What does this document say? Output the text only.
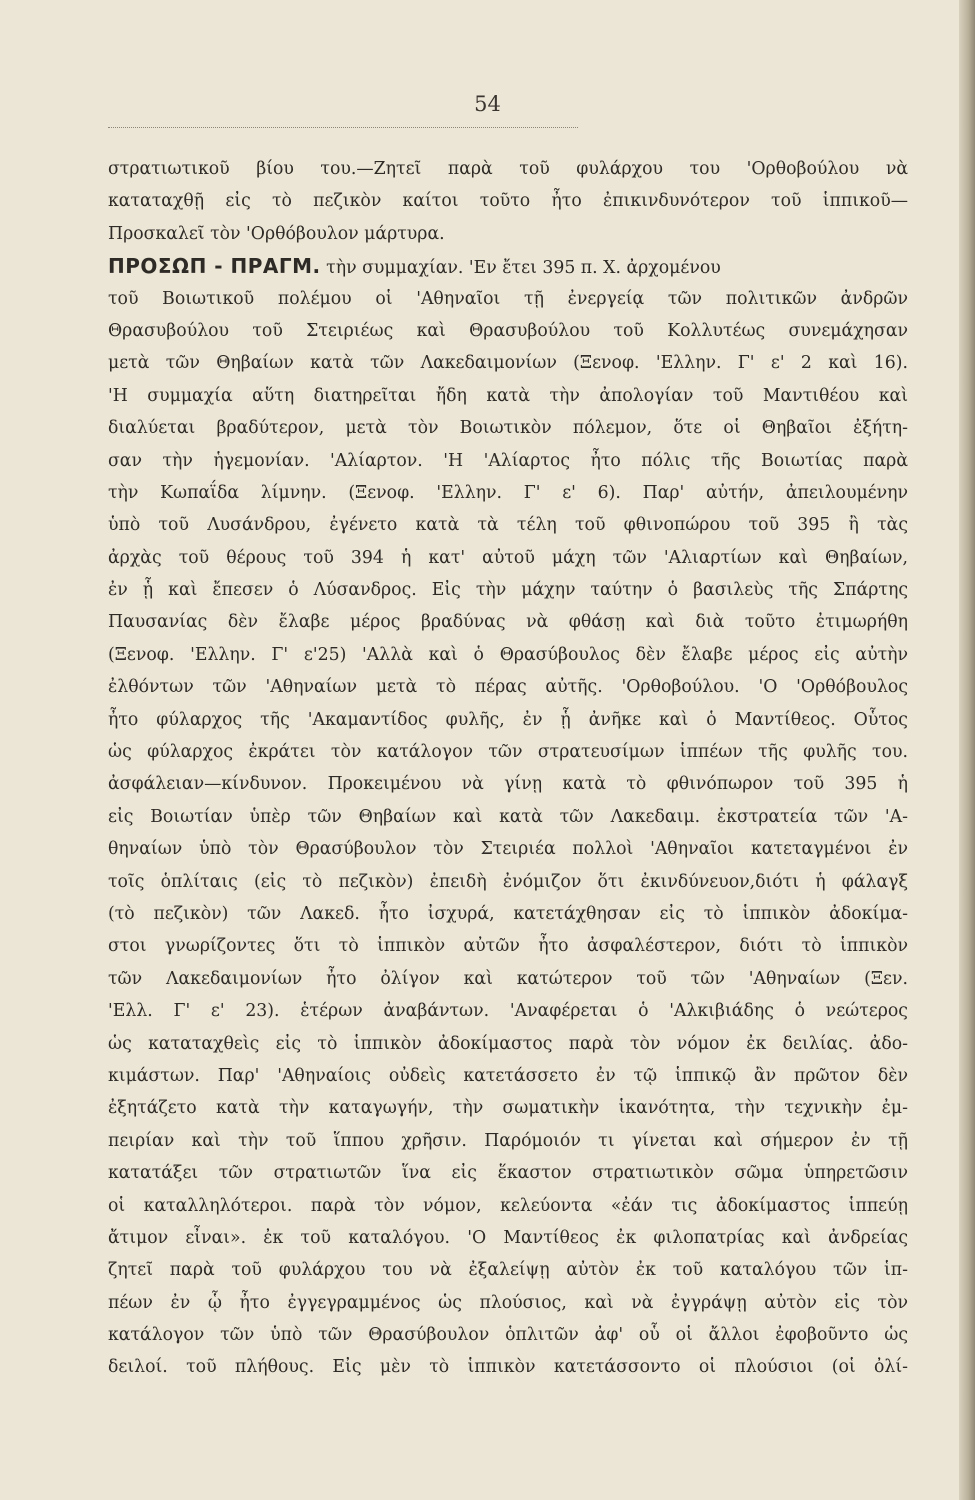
54
στρατιωτικοῦ βίου του.—Ζητεῖ παρὰ τοῦ φυλάρχου του 'Ορθοβούλου νὰ
καταταχθῇ εἰς τὸ πεζικὸν καίτοι τοῦτο ἦτο ἐπικινδυνότερον τοῦ ἱππικοῦ—
Προσκαλεῖ τὸν 'Ορθόβουλον μάρτυρα.
ΠΡΟΣΩΠ - ΠΡΑΓΜ. τὴν συμμαχίαν. 'Εν ἔτει 395 π. Χ. ἀρχομένου
τοῦ Βοιωτικοῦ πολέμου οἱ 'Αθηναῖοι τῇ ἐνεργείᾳ τῶν πολιτικῶν ἀνδρῶν
Θρασυβούλου τοῦ Στειριέως καὶ Θρασυβούλου τοῦ Κολλυτέως συνεμάχησαν
μετὰ τῶν Θηβαίων κατὰ τῶν Λακεδαιμονίων (Ξενοφ. 'Ελλην. Γ' ε' 2 καὶ 16).
'Η συμμαχία αὕτη διατηρεῖται ἤδη κατὰ τὴν ἀπολογίαν τοῦ Μαντιθέου καὶ
διαλύεται βραδύτερον, μετὰ τὸν Βοιωτικὸν πόλεμον, ὅτε οἱ Θηβαῖοι ἐξήτη-
σαν τὴν ἡγεμονίαν. 'Αλίαρτον. 'Η 'Αλίαρτος ἦτο πόλις τῆς Βοιωτίας παρὰ
τὴν Κωπαΐδα λίμνην. (Ξενοφ. 'Ελλην. Γ' ε' 6). Παρ' αὐτήν, ἀπειλουμένην
ὑπὸ τοῦ Λυσάνδρου, ἐγένετο κατὰ τὰ τέλη τοῦ φθινοπώρου τοῦ 395 ἢ τὰς
ἀρχὰς τοῦ θέρους τοῦ 394 ἡ κατ' αὐτοῦ μάχη τῶν 'Αλιαρτίων καὶ Θηβαίων,
ἐν ᾗ καὶ ἔπεσεν ὁ Λύσανδρος. Εἰς τὴν μάχην ταύτην ὁ βασιλεὺς τῆς Σπάρτης
Παυσανίας δὲν ἔλαβε μέρος βραδύνας νὰ φθάσῃ καὶ διὰ τοῦτο ἐτιμωρήθη
(Ξενοφ. 'Ελλην. Γ' ε'25) 'Αλλὰ καὶ ὁ Θρασύβουλος δὲν ἔλαβε μέρος εἰς αὐτὴν
ἐλθόντων τῶν 'Αθηναίων μετὰ τὸ πέρας αὐτῆς. 'Ορθοβούλου. 'Ο 'Ορθόβουλος
ἦτο φύλαρχος τῆς 'Ακαμαντίδος φυλῆς, ἐν ᾗ ἀνῆκε καὶ ὁ Μαντίθεος. Οὗτος
ὡς φύλαρχος ἐκράτει τὸν κατάλογον τῶν στρατευσίμων ἱππέων τῆς φυλῆς του.
ἀσφάλειαν—κίνδυνον. Προκειμένου νὰ γίνῃ κατὰ τὸ φθινόπωρον τοῦ 395 ἡ
εἰς Βοιωτίαν ὑπὲρ τῶν Θηβαίων καὶ κατὰ τῶν Λακεδαιμ. ἐκστρατεία τῶν 'Α-
θηναίων ὑπὸ τὸν Θρασύβουλον τὸν Στειριέα πολλοὶ 'Αθηναῖοι κατεταγμένοι ἐν
τοῖς ὁπλίταις (εἰς τὸ πεζικὸν) ἐπειδὴ ἐνόμιζον ὅτι ἐκινδύνευον,διότι ἡ φάλαγξ
(τὸ πεζικὸν) τῶν Λακεδ. ἦτο ἰσχυρά, κατετάχθησαν εἰς τὸ ἱππικὸν ἀδοκίμα-
στοι γνωρίζοντες ὅτι τὸ ἱππικὸν αὐτῶν ἦτο ἀσφαλέστερον, διότι τὸ ἱππικὸν
τῶν Λακεδαιμονίων ἦτο ὀλίγον καὶ κατώτερον τοῦ τῶν 'Αθηναίων (Ξεν.
'Ελλ. Γ' ε' 23). ἑτέρων ἀναβάντων. 'Αναφέρεται ὁ 'Αλκιβιάδης ὁ νεώτερος
ὡς καταταχθεὶς εἰς τὸ ἱππικὸν ἀδοκίμαστος παρὰ τὸν νόμον ἐκ δειλίας. ἀδο-
κιμάστων. Παρ' 'Αθηναίοις οὐδεὶς κατετάσσετο ἐν τῷ ἱππικῷ ἂν πρῶτον δὲν
ἐξητάζετο κατὰ τὴν καταγωγήν, τὴν σωματικὴν ἱκανότητα, τὴν τεχνικὴν ἐμ-
πειρίαν καὶ τὴν τοῦ ἵππου χρῆσιν. Παρόμοιόν τι γίνεται καὶ σήμερον ἐν τῇ
κατατάξει τῶν στρατιωτῶν ἵνα εἰς ἕκαστον στρατιωτικὸν σῶμα ὑπηρετῶσιν
οἱ καταλληλότεροι. παρὰ τὸν νόμον, κελεύοντα «ἐάν τις ἀδοκίμαστος ἱππεύῃ
ἄτιμον εἶναι». ἐκ τοῦ καταλόγου. 'Ο Μαντίθεος ἐκ φιλοπατρίας καὶ ἀνδρείας
ζητεῖ παρὰ τοῦ φυλάρχου του νὰ ἐξαλείψῃ αὐτὸν ἐκ τοῦ καταλόγου τῶν ἱπ-
πέων ἐν ᾧ ἦτο ἐγγεγραμμένος ὡς πλούσιος, καὶ νὰ ἐγγράψῃ αὐτὸν εἰς τὸν
κατάλογον τῶν ὑπὸ τῶν Θρασύβουλον ὁπλιτῶν ἀφ' οὗ οἱ ἄλλοι ἐφοβοῦντο ὡς
δειλοί. τοῦ πλήθους. Εἰς μὲν τὸ ἱππικὸν κατετάσσοντο οἱ πλούσιοι (οἱ ὀλί-
